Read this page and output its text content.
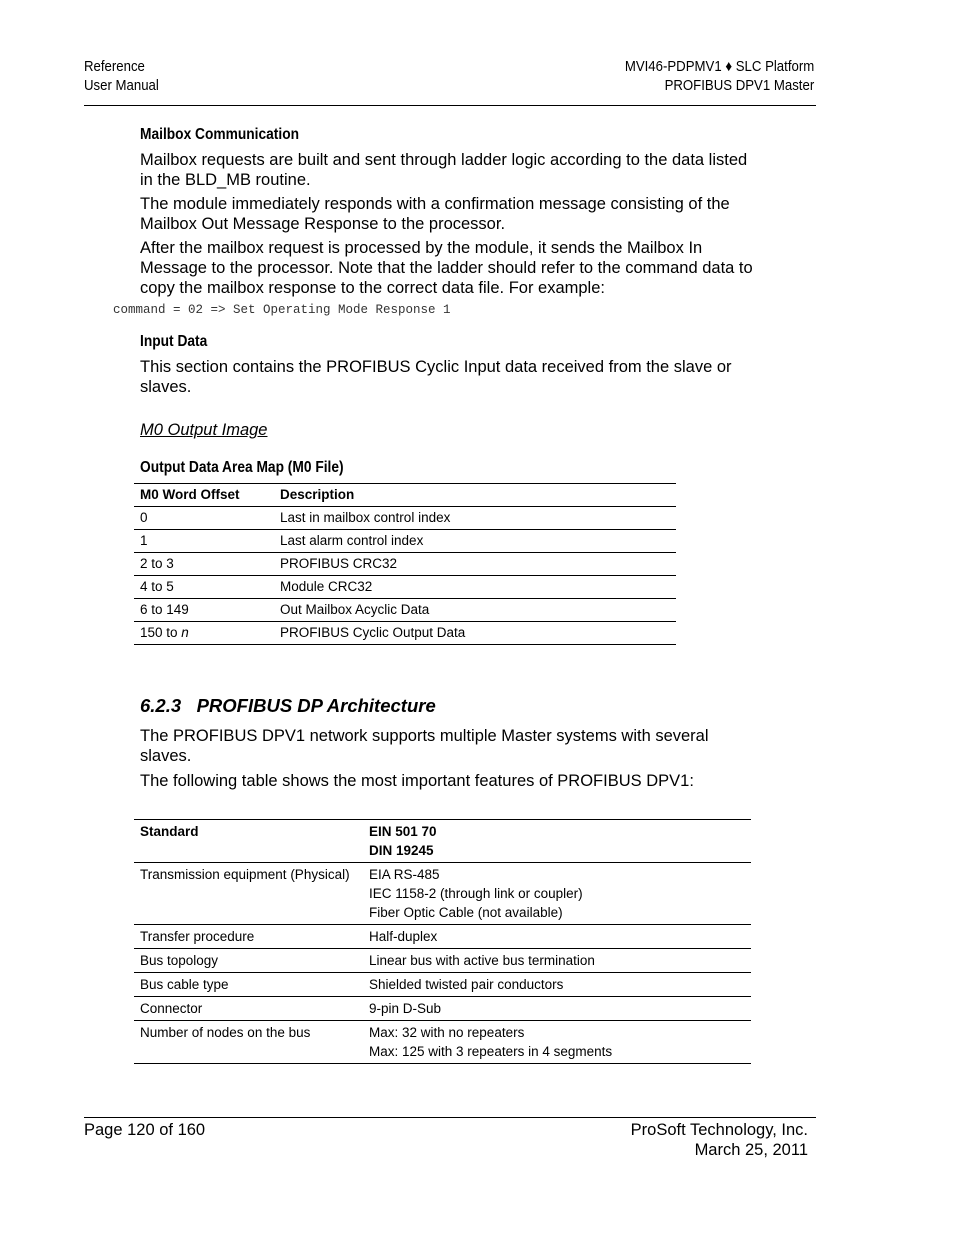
Reference
User Manual
MVI46-PDPMV1 ♦ SLC Platform
PROFIBUS DPV1 Master
Mailbox Communication
Mailbox requests are built and sent through ladder logic according to the data listed in the BLD_MB routine.
The module immediately responds with a confirmation message consisting of the Mailbox Out Message Response to the processor.
After the mailbox request is processed by the module, it sends the Mailbox In Message to the processor. Note that the ladder should refer to the command data to copy the mailbox response to the correct data file. For example:
command = 02 => Set Operating Mode Response 1
Input Data
This section contains the PROFIBUS Cyclic Input data received from the slave or slaves.
M0 Output Image
Output Data Area Map (M0 File)
M0 Word Offset	Description
0	Last in mailbox control index
1	Last alarm control index
2 to 3	PROFIBUS CRC32
4 to 5	Module CRC32
6 to 149	Out Mailbox Acyclic Data
150 to n	PROFIBUS Cyclic Output Data
6.2.3   PROFIBUS DP Architecture
The PROFIBUS DPV1 network supports multiple Master systems with several slaves.
The following table shows the most important features of PROFIBUS DPV1:
Standard	EIN 501 70
DIN 19245

Transmission equipment (Physical)	EIA RS-485
IEC 1158-2 (through link or coupler)
Fiber Optic Cable (not available)

Transfer procedure	Half-duplex
Bus topology	Linear bus with active bus termination
Bus cable type	Shielded twisted pair conductors
Connector	9-pin D-Sub
Number of nodes on the bus	Max: 32 with no repeaters
Max: 125 with 3 repeaters in 4 segments
Page 120 of 160	ProSoft Technology, Inc.
March 25, 2011
